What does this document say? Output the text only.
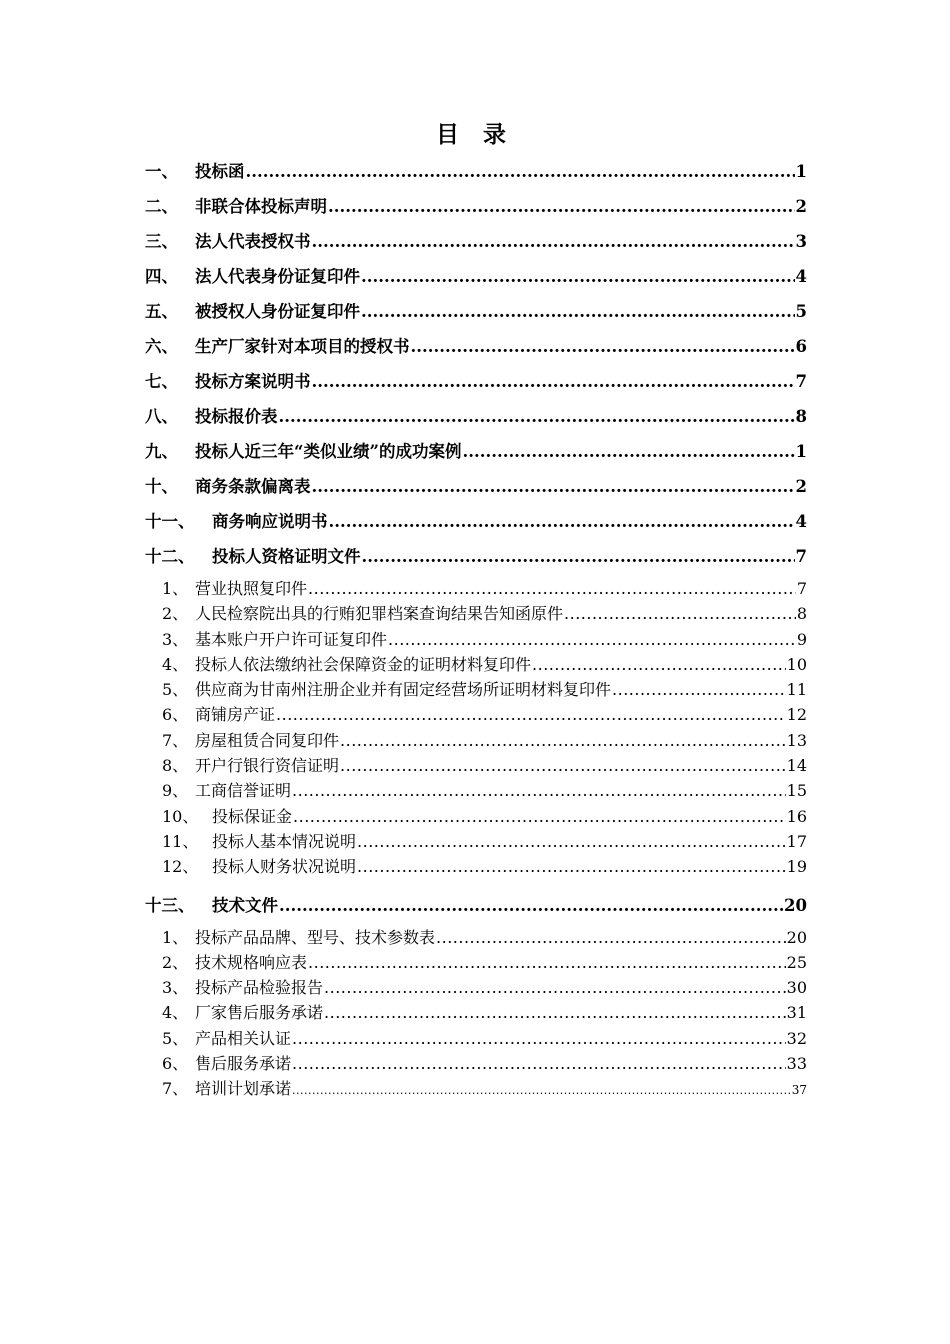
目 录
一、	投标函 .....	1
二、	非联合体投标声明 .....	2
三、	法人代表授权书 .....	3
四、	法人代表身份证复印件 .....	4
五、	被授权人身份证复印件 .....	5
六、	生产厂家针对本项目的授权书 .....	6
七、	投标方案说明书 .....	7
八、	投标报价表 .....	8
九、	投标人近三年“类似业绩”的成功案例 .....	1
十、	商务条款偏离表 .....	2
十一、	商务响应说明书 .....	4
十二、	投标人资格证明文件 .....	7
1、 营业执照复印件 .....	7
2、 人民检察院出具的行贿犯罪档案查询结果告知函原件 .....	8
3、 基本账户开户许可证复印件 .....	9
4、 投标人依法缴纳社会保障资金的证明材料复印件 .....	10
5、 供应商为甘南州注册企业并有固定经营场所证明材料复印件 .....	11
6、 商铺房产证 .....	12
7、 房屋租赁合同复印件 .....	13
8、 开户行银行资信证明 .....	14
9、 工商信誉证明 .....	15
10、 投标保证金 .....	16
11、 投标人基本情况说明 .....	17
12、 投标人财务状况说明 .....	19
十三、	技术文件 .....	20
1、 投标产品品牌、型号、技术参数表 .....	20
2、 技术规格响应表 .....	25
3、 投标产品检验报告 .....	30
4、 厂家售后服务承诺 .....	31
5、 产品相关认证 .....	32
6、 售后服务承诺 .....	33
7、 培训计划承诺 .....	37
